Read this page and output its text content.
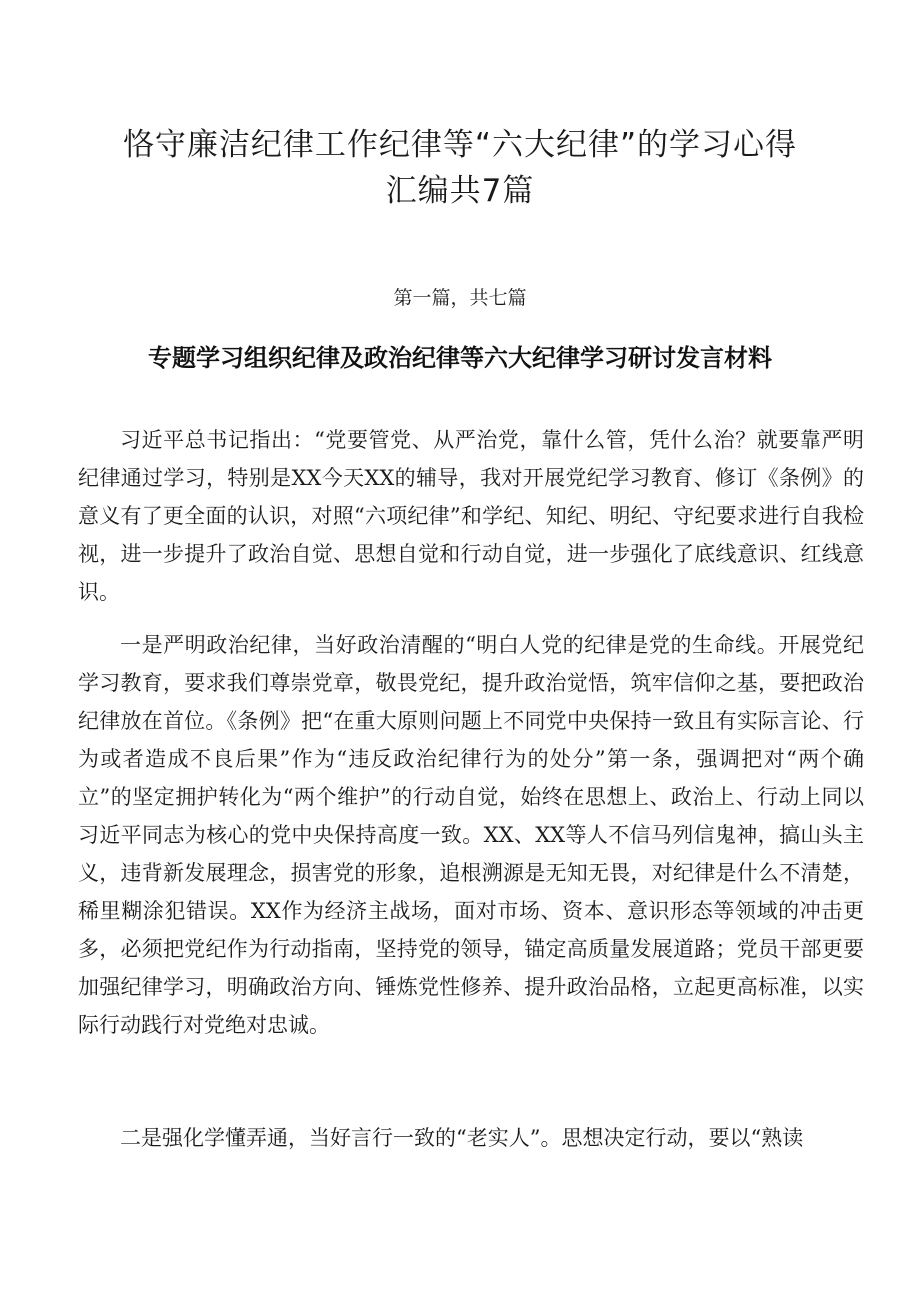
恪守廉洁纪律工作纪律等“六大纪律”的学习心得
汇编共7篇
第一篇，共七篇
专题学习组织纪律及政治纪律等六大纪律学习研讨发言材料

习近平总书记指出：“党要管党、从严治党，靠什么管，凭什么治？就要靠严明纪律通过学习，特别是XX今天XX的辅导，我对开展党纪学习教育、修订《条例》的意义有了更全面的认识，对照“六项纪律”和学纪、知纪、明纪、守纪要求进行自我检视，进一步提升了政治自觉、思想自觉和行动自觉，进一步强化了底线意识、红线意识。

一是严明政治纪律，当好政治清醒的“明白人党的纪律是党的生命线。开展党纪学习教育，要求我们尊崇党章，敬畏党纪，提升政治觉悟，筑牢信仰之基，要把政治纪律放在首位。《条例》把“在重大原则问题上不同党中央保持一致且有实际言论、行为或者造成不良后果”作为“违反政治纪律行为的处分”第一条，强调把对“两个确立”的坚定拥护转化为“两个维护”的行动自觉，始终在思想上、政治上、行动上同以习近平同志为核心的党中央保持高度一致。XX、XX等人不信马列信鬼神，搞山头主义，违背新发展理念，损害党的形象，追根溯源是无知无畏，对纪律是什么不清楚，稀里糊涂犯错误。XX作为经济主战场，面对市场、资本、意识形态等领域的冲击更多，必须把党纪作为行动指南，坚持党的领导，锚定高质量发展道路；党员干部更要加强纪律学习，明确政治方向、锤炼党性修养、提升政治品格，立起更高标准，以实际行动践行对党绝对忠诚。

二是强化学懂弄通，当好言行一致的“老实人”。思想决定行动，要以“熟读
